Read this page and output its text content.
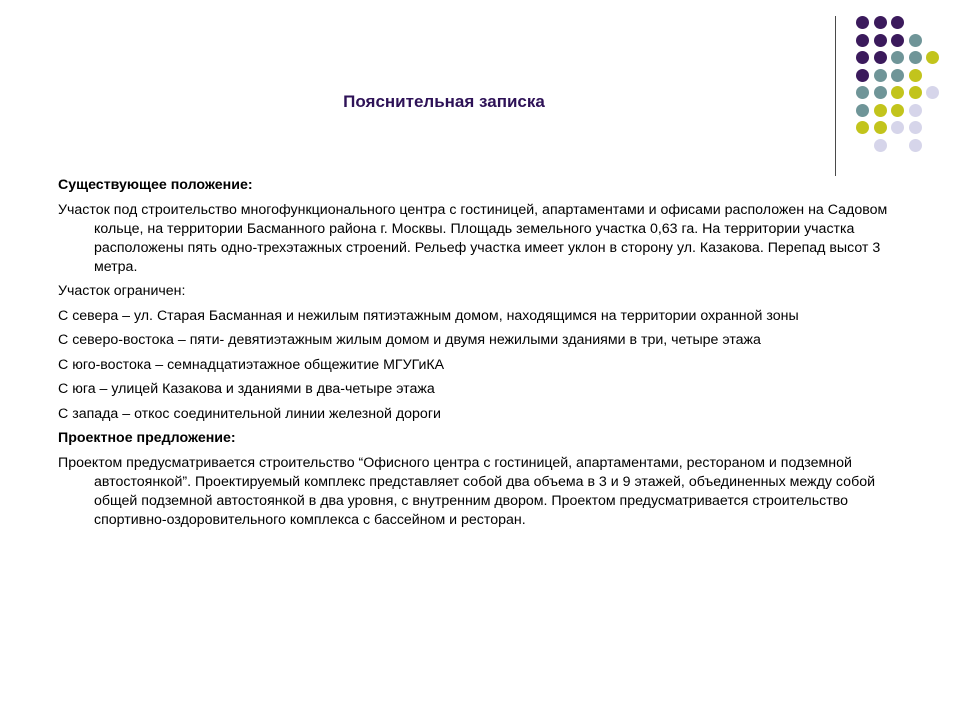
Пояснительная записка

Существующее положение:

Участок под строительство многофункционального центра с гостиницей, апартаментами и офисами расположен на Садовом кольце, на территории Басманного района г. Москвы. Площадь земельного участка 0,63 га. На территории участка расположены пять одно-трехэтажных строений. Рельеф участка имеет уклон в сторону ул. Казакова. Перепад высот 3 метра.

Участок ограничен:

С севера – ул. Старая Басманная и нежилым пятиэтажным домом, находящимся на территории охранной зоны

С северо-востока – пяти- девятиэтажным жилым домом и двумя нежилыми зданиями в три, четыре этажа

С юго-востока – семнадцатиэтажное общежитие МГУГиКА

С юга – улицей Казакова и зданиями в два-четыре этажа

С запада – откос соединительной линии железной дороги

Проектное предложение:

Проектом предусматривается строительство “Офисного центра с гостиницей, апартаментами, рестораном и подземной автостоянкой”. Проектируемый комплекс представляет собой два объема в 3 и 9 этажей, объединенных между собой общей подземной автостоянкой в два уровня, с внутренним двором. Проектом предусматривается строительство спортивно-оздоровительного комплекса с бассейном и ресторан.
